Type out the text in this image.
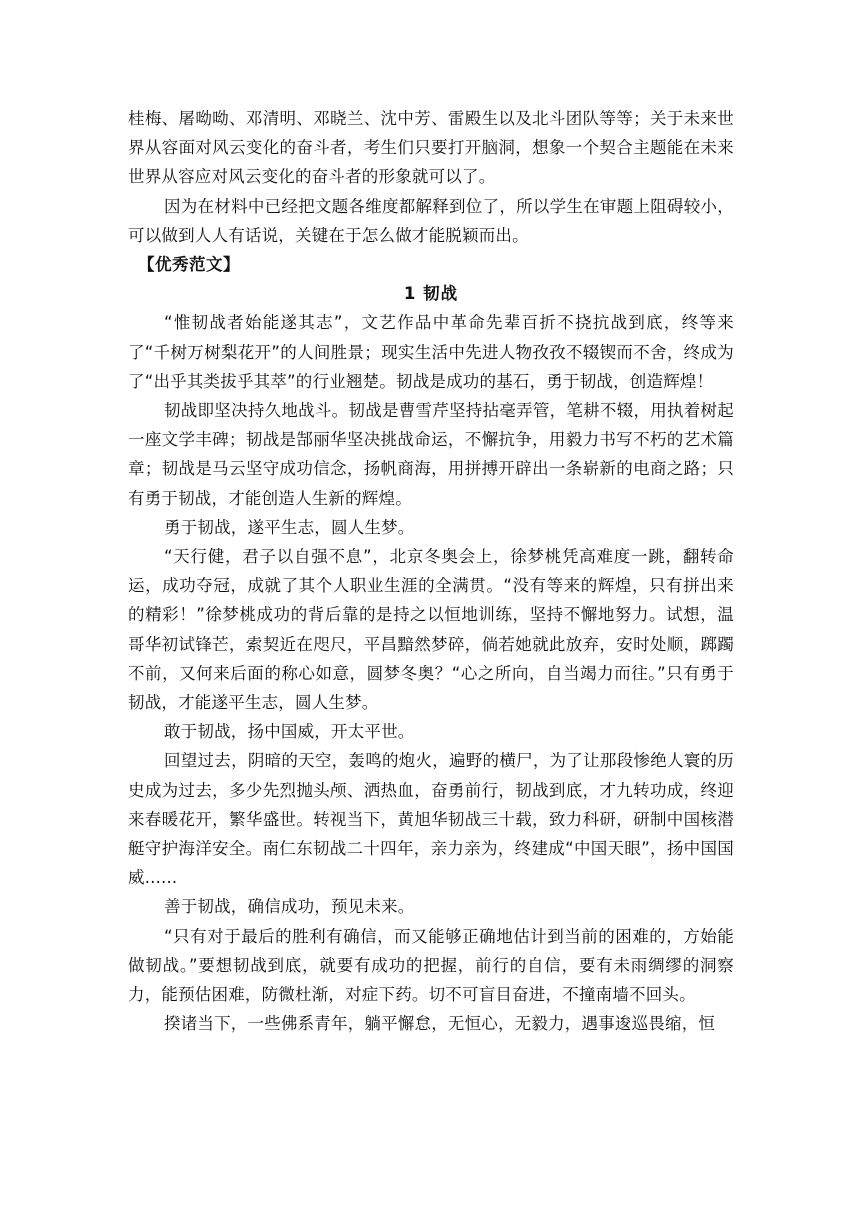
桂梅、屠呦呦、邓清明、邓晓兰、沈中芳、雷殿生以及北斗团队等等；关于未来世界从容面对风云变化的奋斗者，考生们只要打开脑洞，想象一个契合主题能在未来世界从容应对风云变化的奋斗者的形象就可以了。

因为在材料中已经把文题各维度都解释到位了，所以学生在审题上阻碍较小，可以做到人人有话说，关键在于怎么做才能脱颖而出。

【优秀范文】

1 韧战

“惟韧战者始能遂其志”，文艺作品中革命先辈百折不挠抗战到底，终等来了“千树万树梨花开”的人间胜景；现实生活中先进人物孜孜不辍锲而不舍，终成为了“出乎其类拔乎其萃”的行业翘楚。韧战是成功的基石，勇于韧战，创造辉煌！

韧战即坚决持久地战斗。韧战是曹雪芹坚持拈毫弄管，笔耕不辍，用执着树起一座文学丰碑；韧战是郜丽华坚决挑战命运，不懈抗争，用毅力书写不朽的艺术篇章；韧战是马云坚守成功信念，扬帆商海，用拼搏开辟出一条崭新的电商之路；只有勇于韧战，才能创造人生新的辉煌。

勇于韧战，遂平生志，圆人生梦。

“天行健，君子以自强不息”，北京冬奥会上，徐梦桃凭高难度一跳，翻转命运，成功夺冠，成就了其个人职业生涯的全满贯。“没有等来的辉煌，只有拼出来的精彩！”徐梦桃成功的背后靠的是持之以恒地训练，坚持不懈地努力。试想，温哥华初试锋芒，索契近在咫尺，平昌黯然梦碎，倘若她就此放弃，安时处顺，踯躅不前，又何来后面的称心如意，圆梦冬奥？“心之所向，自当竭力而往。”只有勇于韧战，才能遂平生志，圆人生梦。

敢于韧战，扬中国威，开太平世。

回望过去，阴暗的天空，轰鸣的炮火，遍野的横尸，为了让那段惨绝人寰的历史成为过去，多少先烈抛头颅、洒热血，奋勇前行，韧战到底，才九转功成，终迎来春暖花开，繁华盛世。转视当下，黄旭华韧战三十载，致力科研，研制中国核潜艇守护海洋安全。南仁东韧战二十四年，亲力亲为，终建成“中国天眼”，扬中国国威......

善于韧战，确信成功，预见未来。

“只有对于最后的胜利有确信，而又能够正确地估计到当前的困难的，方始能做韧战。”要想韧战到底，就要有成功的把握，前行的自信，要有未雨绸缪的洞察力，能预估困难，防微杜渐，对症下药。切不可盲目奋进，不撞南墙不回头。

揆诸当下，一些佛系青年，躺平懈怠，无恒心，无毅力，遇事逡巡畏缩，恒
